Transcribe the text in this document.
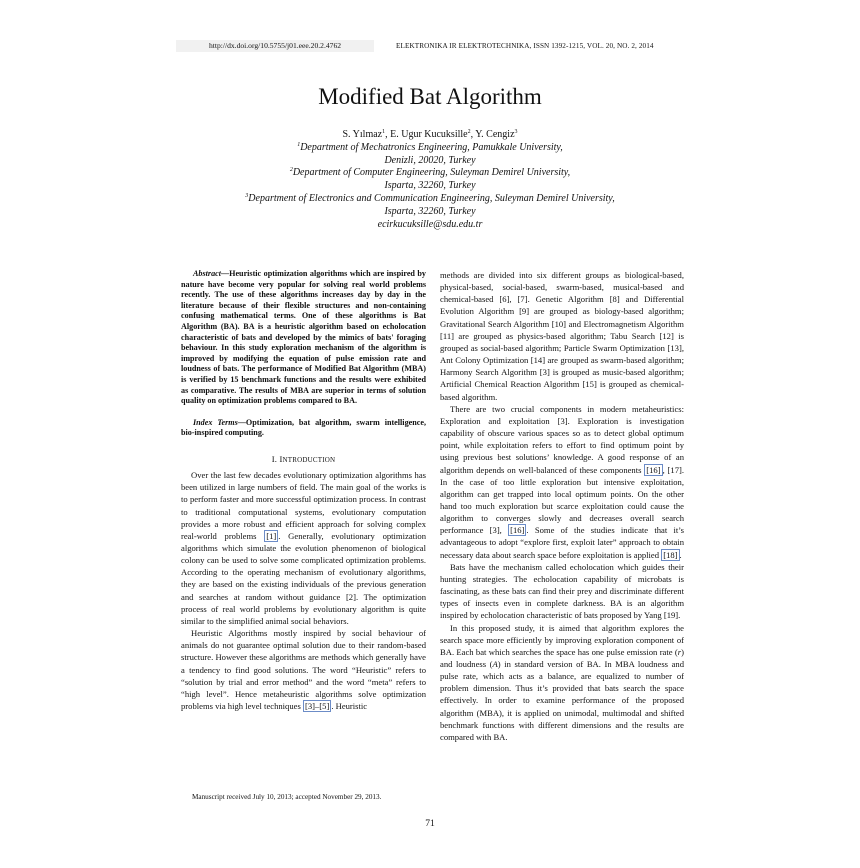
http://dx.doi.org/10.5755/j01.eee.20.2.4762	ELEKTRONIKA IR ELEKTROTECHNIKA, ISSN 1392-1215, VOL. 20, NO. 2, 2014
Modified Bat Algorithm
S. Yılmaz$^1$, E. Ugur Kucuksille$^2$, Y. Cengiz$^3$
$^1$Department of Mechatronics Engineering, Pamukkale University,
Denizli, 20020, Turkey
$^2$Department of Computer Engineering, Suleyman Demirel University,
Isparta, 32260, Turkey
$^3$Department of Electronics and Communication Engineering, Suleyman Demirel University,
Isparta, 32260, Turkey
ecirkucuksille@sdu.edu.tr

Abstract—Heuristic optimization algorithms which are inspired by nature have become very popular for solving real world problems recently. The use of these algorithms increases day by day in the literature because of their flexible structures and non-containing confusing mathematical terms. One of these algorithms is Bat Algorithm (BA). BA is a heuristic algorithm based on echolocation characteristic of bats and developed by the mimics of bats' foraging behaviour. In this study exploration mechanism of the algorithm is improved by modifying the equation of pulse emission rate and loudness of bats. The performance of Modified Bat Algorithm (MBA) is verified by 15 benchmark functions and the results were exhibited as comparative. The results of MBA are superior in terms of solution quality on optimization problems compared to BA.

Index Terms—Optimization, bat algorithm, swarm intelligence, bio-inspired computing.

I. INTRODUCTION

Over the last few decades evolutionary optimization algorithms has been utilized in large numbers of field. The main goal of the works is to perform faster and more successful optimization process. In contrast to traditional computational systems, evolutionary computation provides a more robust and efficient approach for solving complex real-world problems [1] . Generally, evolutionary optimization algorithms which simulate the evolution phenomenon of biological colony can be used to solve some complicated optimization problems. According to the operating mechanism of evolutionary algorithms, they are based on the existing individuals of the previous generation and searches at random without guidance [2]. The optimization process of real world problems by evolutionary algorithm is quite similar to the simplified animal social behaviors.

Heuristic Algorithms mostly inspired by social behaviour of animals do not guarantee optimal solution due to their random-based structure. However these algorithms are methods which generally have a tendency to find good solutions. The word “Heuristic” refers to “solution by trial and error method” and the word “meta” refers to “high level”. Hence metaheuristic algorithms solve optimization problems via high level techniques [3]–[5] . Heuristic

methods are divided into six different groups as biological-based, physical-based, social-based, swarm-based, musical-based and chemical-based [6], [7]. Genetic Algorithm [8] and Differential Evolution Algorithm [9] are grouped as biology-based algorithm; Gravitational Search Algorithm [10] and Electromagnetism Algorithm [11] are grouped as physics-based algorithm; Tabu Search [12] is grouped as social-based algorithm; Particle Swarm Optimization [13], Ant Colony Optimization [14] are grouped as swarm-based algorithm; Harmony Search Algorithm [3] is grouped as music-based algorithm; Artificial Chemical Reaction Algorithm [15] is grouped as chemical-based algorithm.

There are two crucial components in modern metaheuristics: Exploration and exploitation [3]. Exploration is investigation capability of obscure various spaces so as to detect global optimum point, while exploitation refers to effort to find optimum point by using previous best solutions’ knowledge. A good response of an algorithm depends on well-balanced of these components [16] , [17]. In the case of too little exploration but intensive exploitation, algorithm can get trapped into local optimum points. On the other hand too much exploration but scarce exploitation could cause the algorithm to converges slowly and decreases overall search performance [3], [16] . Some of the studies indicate that it’s advantageous to adopt “explore first, exploit later” approach to obtain necessary data about search space before exploitation is applied [18] .

Bats have the mechanism called echolocation which guides their hunting strategies. The echolocation capability of microbats is fascinating, as these bats can find their prey and discriminate different types of insects even in complete darkness. BA is an algorithm inspired by echolocation characteristic of bats proposed by Yang [19].

In this proposed study, it is aimed that algorithm explores the search space more efficiently by improving exploration component of BA. Each bat which searches the space has one pulse emission rate (r) and loudness (A) in standard version of BA. In MBA loudness and pulse rate, which acts as a balance, are equalized to number of problem dimension. Thus it’s provided that bats search the space effectively. In order to examine performance of the proposed algorithm (MBA), it is applied on unimodal, multimodal and shifted benchmark functions with different dimensions and the results are compared with BA.

Manuscript received July 10, 2013; accepted November 29, 2013.
71
